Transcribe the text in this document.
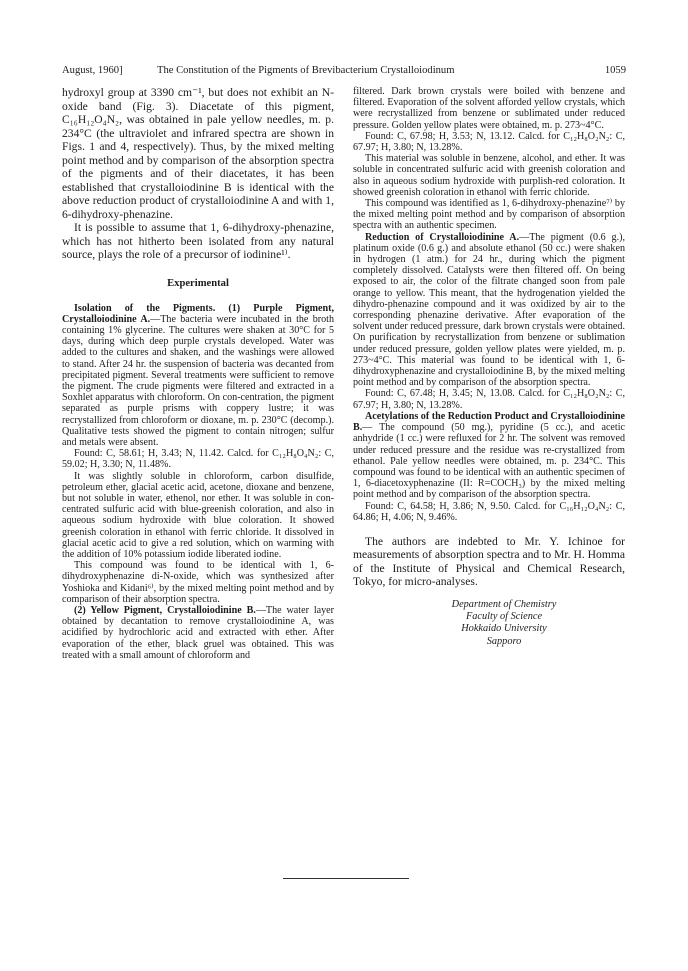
August, 1960]	The Constitution of the Pigments of Brevibacterium Crystalloiodinum	1059

hydroxyl group at 3390 cm⁻¹, but does not exhibit an N-oxide band (Fig. 3). Diacetate of this pigment, C₁₆H₁₂O₄N₂, was obtained in pale yellow needles, m. p. 234°C (the ultraviolet and infrared spectra are shown in Figs. 1 and 4, respectively). Thus, by the mixed melting point method and by comparison of the absorption spectra of the pigments and of their diacetates, it has been established that crystalloiodinine B is identical with the above reduction product of crystalloiodinine A and with 1, 6-dihydroxy-phenazine.

It is possible to assume that 1, 6-dihydroxy-phenazine, which has not hitherto been isolated from any natural source, plays the role of a precursor of iodinine¹⁾.

Experimental

Isolation of the Pigments. (1) Purple Pigment, Crystalloiodinine A.—The bacteria were incubated in the broth containing 1% glycerine. The cultures were shaken at 30°C for 5 days, during which deep purple crystals developed. Water was added to the cultures and shaken, and the washings were allowed to stand. After 24 hr. the suspension of bacteria was decanted from precipitated pigment. Several treatments were sufficient to remove the pigment. The crude pigments were filtered and extracted in a Soxhlet apparatus with chloroform. On con-centration, the pigment separated as purple prisms with coppery lustre; it was recrystallized from chloroform or dioxane, m. p. 230°C (decomp.). Qualitative tests showed the pigment to contain nitrogen; sulfur and metals were absent.

Found: C, 58.61; H, 3.43; N, 11.42. Calcd. for C₁₂H₈O₄N₂: C, 59.02; H, 3.30; N, 11.48%.

It was slightly soluble in chloroform, carbon disulfide, petroleum ether, glacial acetic acid, acetone, dioxane and benzene, but not soluble in water, ethenol, nor ether. It was soluble in con-centrated sulfuric acid with blue-greenish coloration, and also in aqueous sodium hydroxide with blue coloration. It showed greenish coloration in ethanol with ferric chloride. It dissolved in glacial acetic acid to give a red solution, which on warming with the addition of 10% potassium iodide liberated iodine.

This compound was found to be identical with 1, 6-dihydroxyphenazine di-N-oxide, which was synthesized after Yoshioka and Kidani⁶⁾, by the mixed melting point method and by comparison of their absorption spectra.

(2) Yellow Pigment, Crystalloiodinine B.—The water layer obtained by decantation to remove crystalloiodinine A, was acidified by hydrochloric acid and extracted with ether. After evaporation of the ether, black gruel was obtained. This was treated with a small amount of chloroform and

filtered. Dark brown crystals were boiled with benzene and filtered. Evaporation of the solvent afforded yellow crystals, which were recrystallized from benzene or sublimated under reduced pressure. Golden yellow plates were obtained, m. p. 273~4°C.

Found: C, 67.98; H, 3.53; N, 13.12. Calcd. for C₁₂H₈O₂N₂: C, 67.97; H, 3.80; N, 13.28%.

This material was soluble in benzene, alcohol, and ether. It was soluble in concentrated sulfuric acid with greenish coloration and also in aqueous sodium hydroxide with purplish-red coloration. It showed greenish coloration in ethanol with ferric chloride.

This compound was identified as 1, 6-dihydroxy-phenazine⁷⁾ by the mixed melting point method and by comparison of absorption spectra with an authentic specimen.

Reduction of Crystalloiodinine A.—The pigment (0.6 g.), platinum oxide (0.6 g.) and absolute ethanol (50 cc.) were shaken in hydrogen (1 atm.) for 24 hr., during which the pigment completely dissolved. Catalysts were then filtered off. On being exposed to air, the color of the filtrate changed soon from pale orange to yellow. This meant, that the hydrogenation yielded the dihydro-phenazine compound and it was oxidized by air to the corresponding phenazine derivative. After evaporation of the solvent under reduced pressure, dark brown crystals were obtained. On purification by recrystallization from benzene or sublimation under reduced pressure, golden yellow plates were yielded, m. p. 273~4°C. This material was found to be identical with 1, 6-dihydroxyphenazine and crystalloiodinine B, by the mixed melting point method and by comparison of the absorption spectra.

Found: C, 67.48; H, 3.45; N, 13.08. Calcd. for C₁₂H₈O₂N₂: C, 67.97; H, 3.80; N, 13.28%.

Acetylations of the Reduction Product and Crystalloiodinine B.— The compound (50 mg.), pyridine (5 cc.), and acetic anhydride (1 cc.) were refluxed for 2 hr. The solvent was removed under reduced pressure and the residue was re-crystallized from ethanol. Pale yellow needles were obtained, m. p. 234°C. This compound was found to be identical with an authentic specimen of 1, 6-diacetoxyphenazine (II: R=COCH₃) by the mixed melting point method and by comparison of the absorption spectra.

Found: C, 64.58; H, 3.86; N, 9.50. Calcd. for C₁₆H₁₂O₄N₂: C, 64.86; H, 4.06; N, 9.46%.

The authors are indebted to Mr. Y. Ichinoe for measurements of absorption spectra and to Mr. H. Homma of the Institute of Physical and Chemical Research, Tokyo, for micro-analyses.

Department of Chemistry
Faculty of Science
Hokkaido University
Sapporo
